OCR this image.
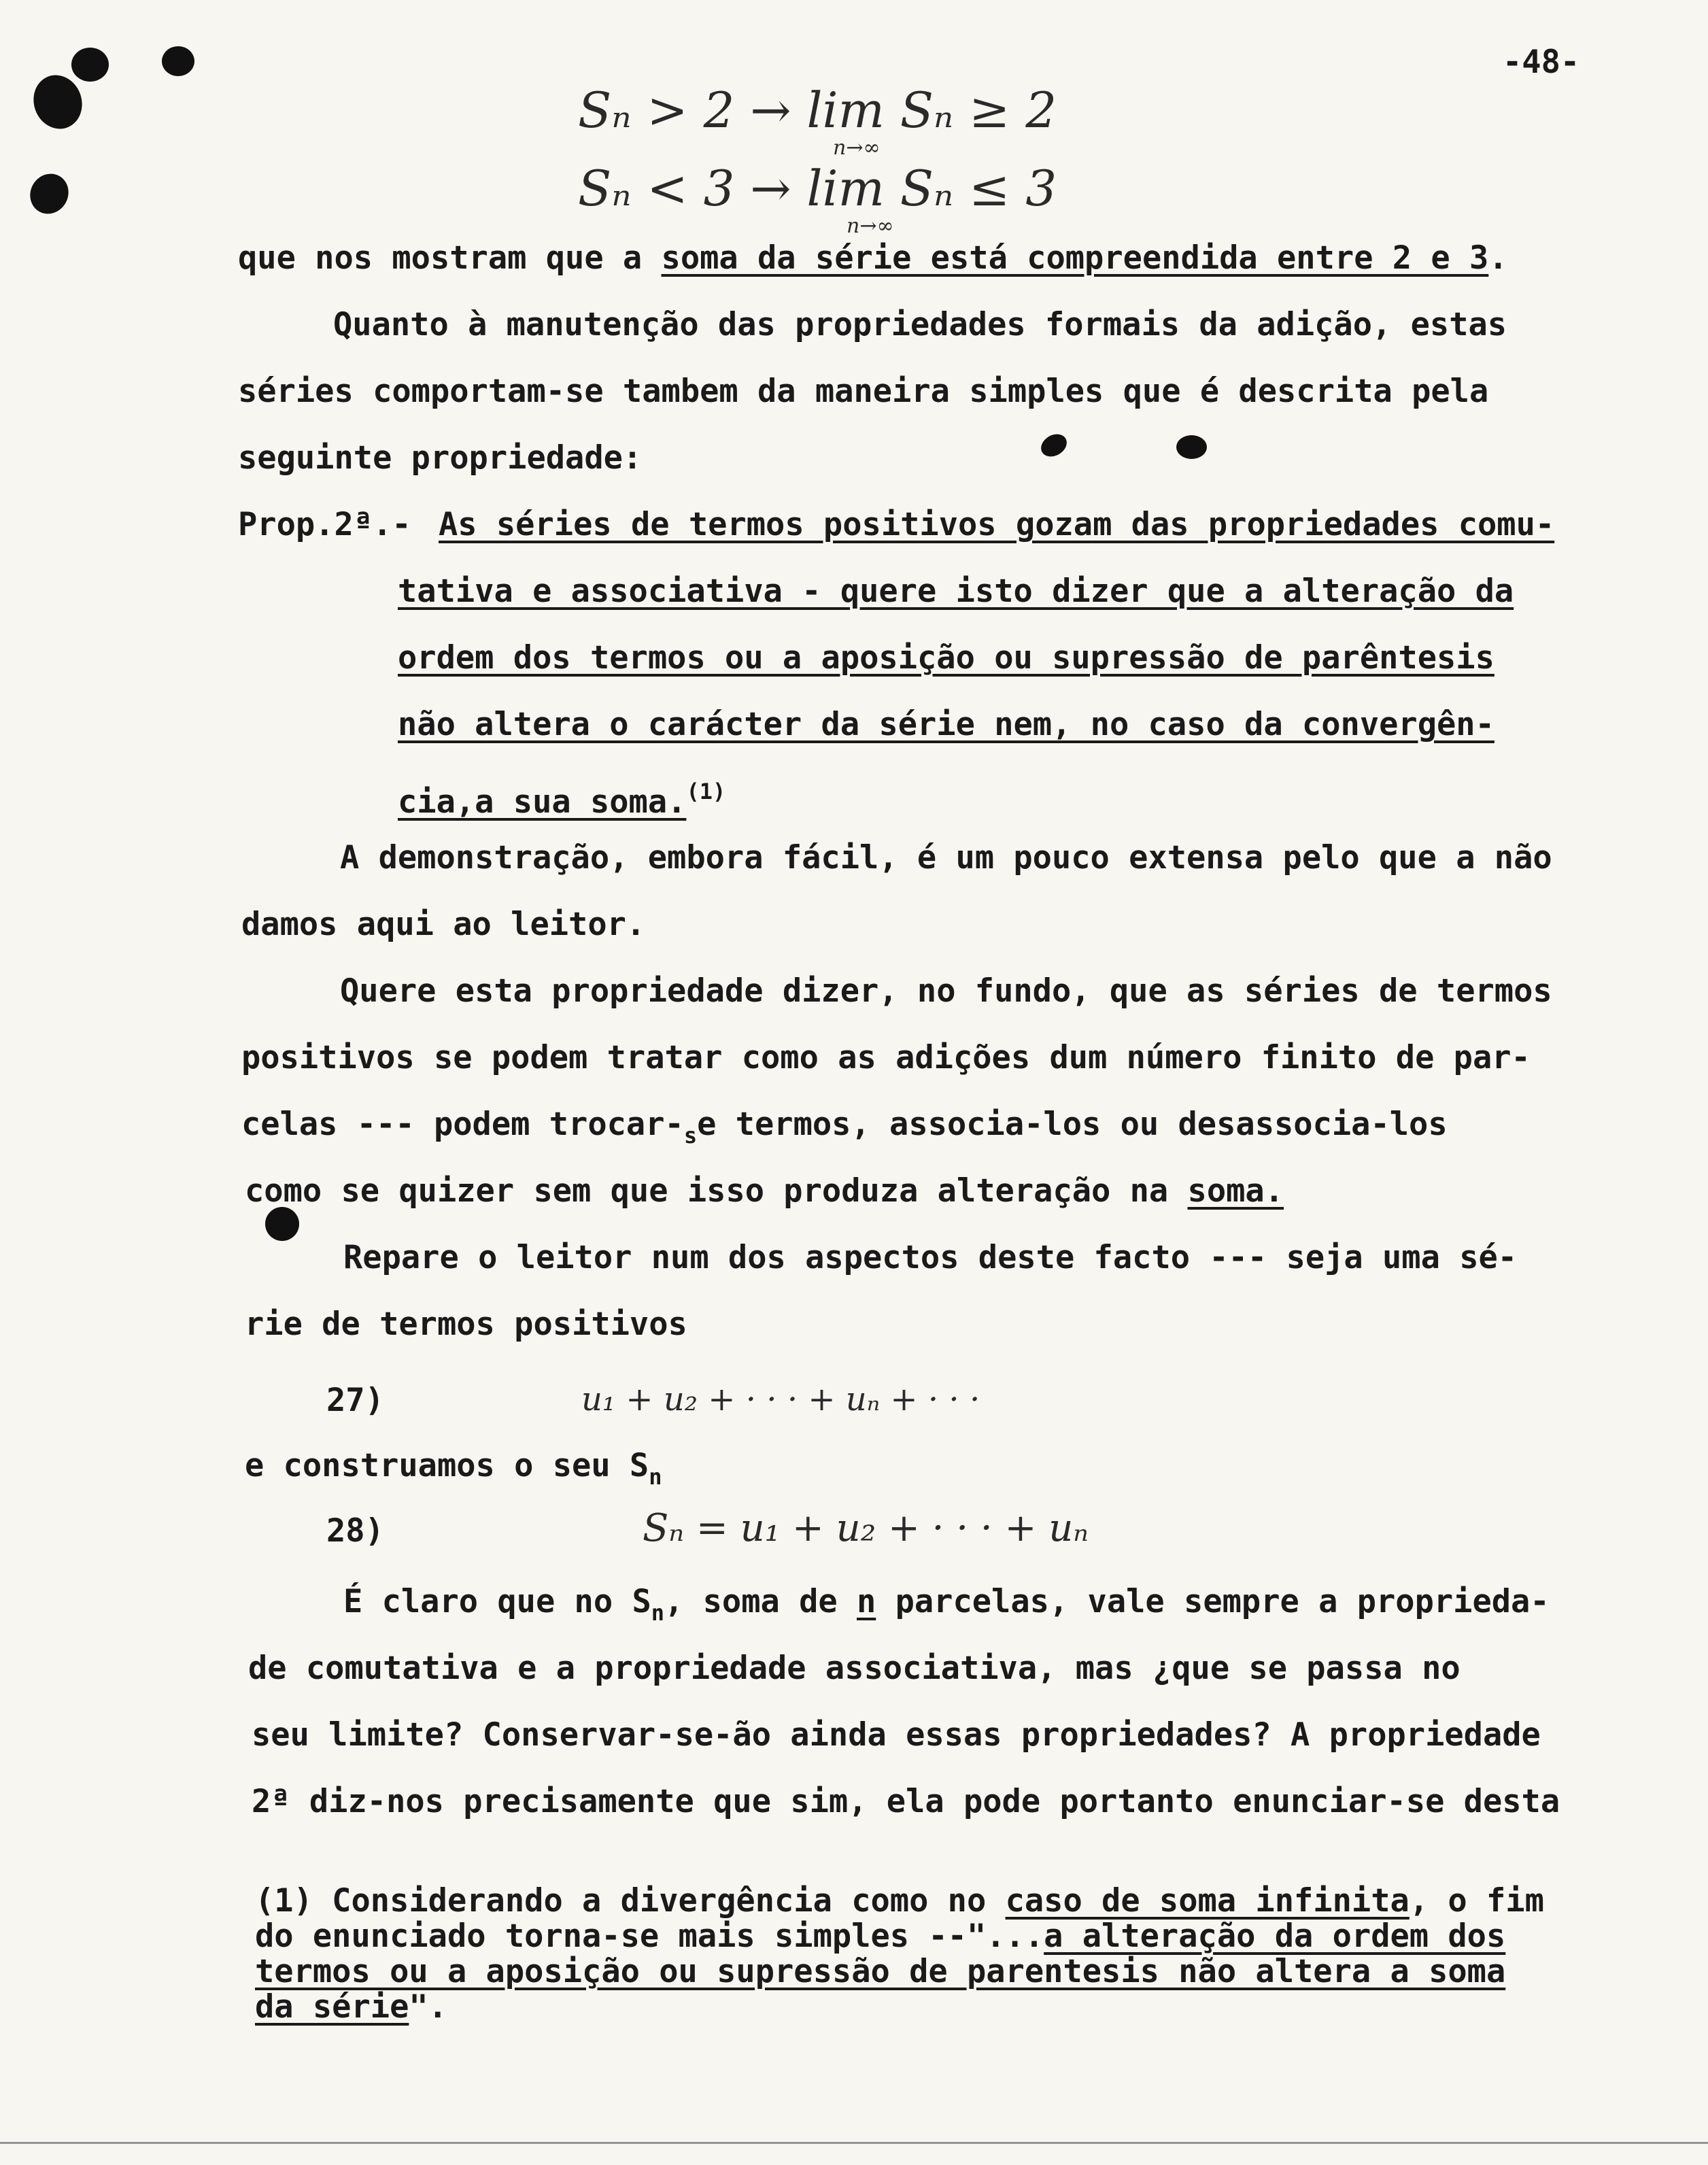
-48-
Sₙ > 2 → lim Sₙ ≥ 2
n→∞
Sₙ < 3 → lim Sₙ ≤ 3
n→∞
que nos mostram que a soma da série está compreendida entre 2 e 3.
Quanto à manutenção das propriedades formais da adição, estas
séries comportam-se tambem da maneira simples que é descrita pela
seguinte propriedade:
Prop.2ª.- As séries de termos positivos gozam das propriedades comu-
tativa e associativa - quere isto dizer que a alteração da
ordem dos termos ou a aposição ou supressão de parêntesis
não altera o carácter da série nem, no caso da convergên-
cia,a sua soma.$^{(1)}$
A demonstração, embora fácil, é um pouco extensa pelo que a não
damos aqui ao leitor.
Quere esta propriedade dizer, no fundo, que as séries de termos
positivos se podem tratar como as adições dum número finito de par-
celas --- podem trocar-$_se$ termos, associa-los ou desassocia-los
como se quizer sem que isso produza alteração na soma.
Repare o leitor num dos aspectos deste facto --- seja uma sé-
rie de termos positivos
27)	u₁ + u₂ + · · · + uₙ + · · ·
e construamos o seu $S_n$
28)	Sₙ = u₁ + u₂ + · · · + uₙ
É claro que no $S_n$, soma de n parcelas, vale sempre a proprieda-
de comutativa e a propriedade associativa, mas ¿que se passa no
seu limite? Conservar-se-ão ainda essas propriedades? A propriedade
2ª diz-nos precisamente que sim, ela pode portanto enunciar-se desta
(1) Considerando a divergência como no caso de soma infinita, o fim
do enunciado torna-se mais simples --"...a alteração da ordem dos
termos ou a aposição ou supressão de parentesis não altera a soma
da série".
